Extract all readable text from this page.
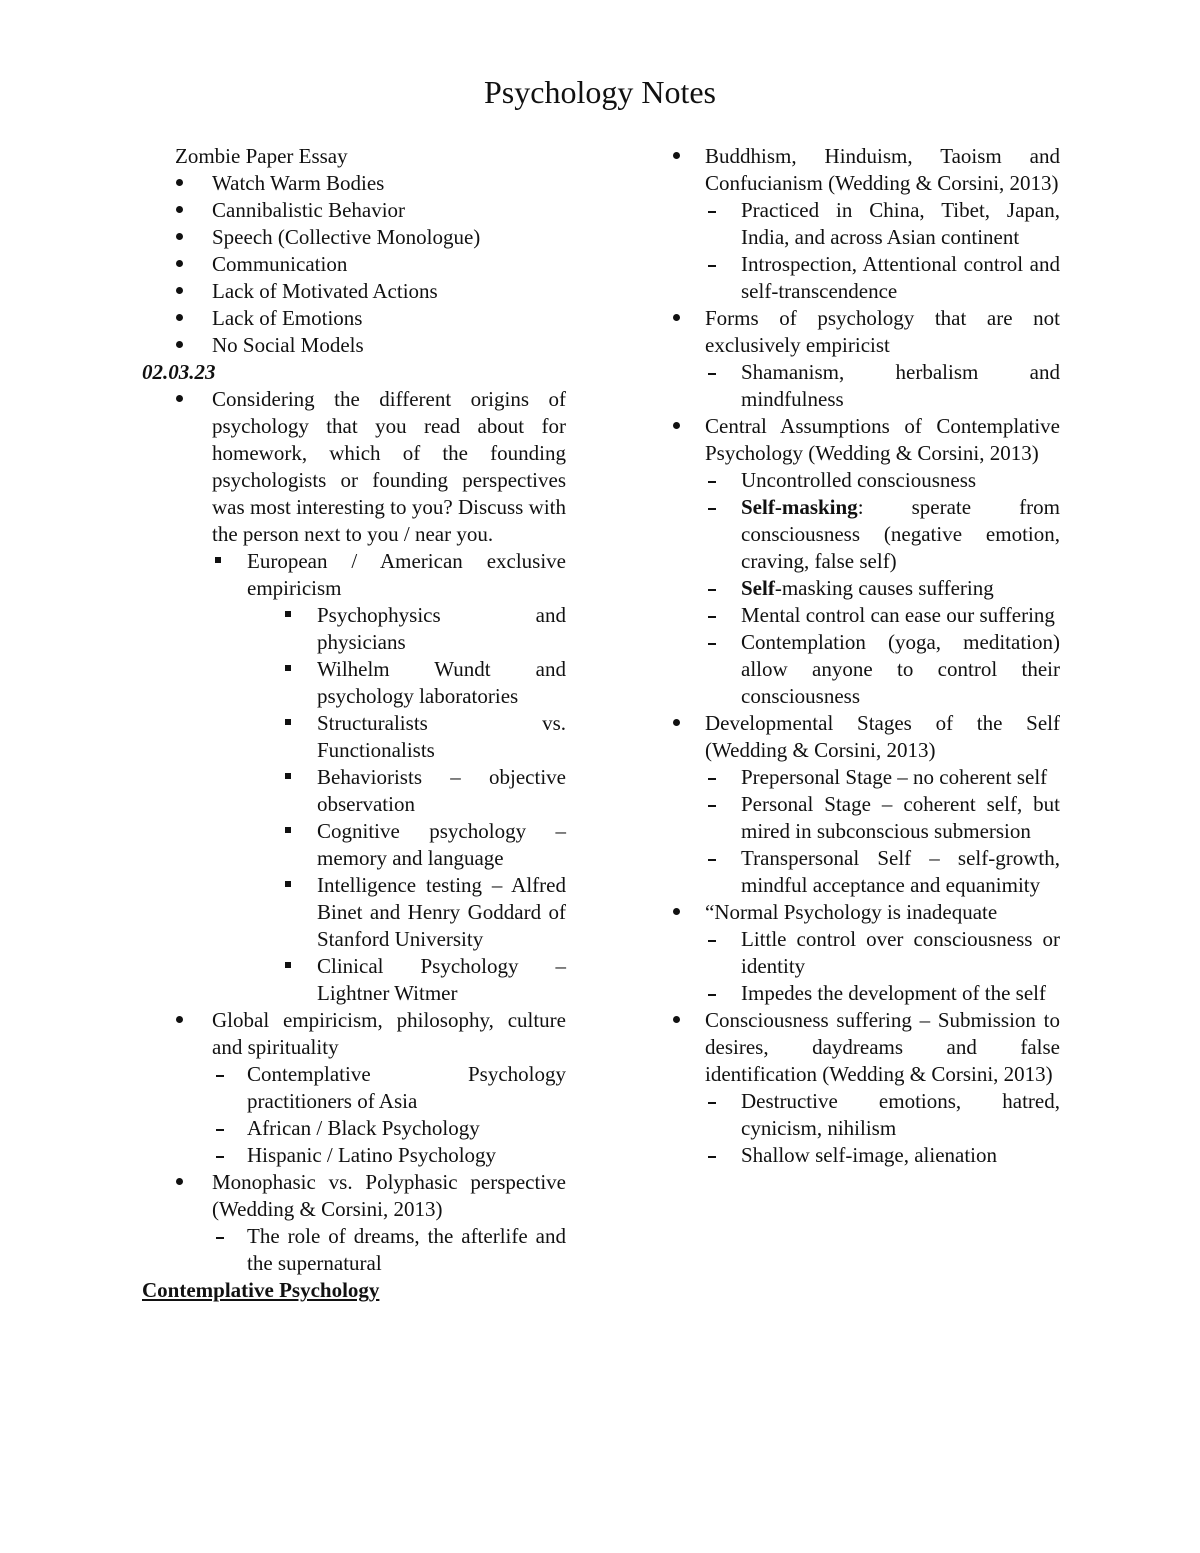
Psychology Notes
Zombie Paper Essay
Watch Warm Bodies
Cannibalistic Behavior
Speech (Collective Monologue)
Communication
Lack of Motivated Actions
Lack of Emotions
No Social Models
02.03.23
Considering the different origins of psychology that you read about for homework, which of the founding psychologists or founding perspectives was most interesting to you? Discuss with the person next to you / near you.
European / American exclusive empiricism
Psychophysics and physicians
Wilhelm Wundt and psychology laboratories
Structuralists vs. Functionalists
Behaviorists – objective observation
Cognitive psychology – memory and language
Intelligence testing – Alfred Binet and Henry Goddard of Stanford University
Clinical Psychology – Lightner Witmer
Global empiricism, philosophy, culture and spirituality
Contemplative Psychology practitioners of Asia
African / Black Psychology
Hispanic / Latino Psychology
Monophasic vs. Polyphasic perspective (Wedding & Corsini, 2013)
The role of dreams, the afterlife and the supernatural
Contemplative Psychology
Buddhism, Hinduism, Taoism and Confucianism (Wedding & Corsini, 2013)
Practiced in China, Tibet, Japan, India, and across Asian continent
Introspection, Attentional control and self-transcendence
Forms of psychology that are not exclusively empiricist
Shamanism, herbalism and mindfulness
Central Assumptions of Contemplative Psychology (Wedding & Corsini, 2013)
Uncontrolled consciousness
Self-masking: sperate from consciousness (negative emotion, craving, false self)
Self-masking causes suffering
Mental control can ease our suffering
Contemplation (yoga, meditation) allow anyone to control their consciousness
Developmental Stages of the Self (Wedding & Corsini, 2013)
Prepersonal Stage – no coherent self
Personal Stage – coherent self, but mired in subconscious submersion
Transpersonal Self – self-growth, mindful acceptance and equanimity
“Normal Psychology is inadequate
Little control over consciousness or identity
Impedes the development of the self
Consciousness suffering – Submission to desires, daydreams and false identification (Wedding & Corsini, 2013)
Destructive emotions, hatred, cynicism, nihilism
Shallow self-image, alienation
